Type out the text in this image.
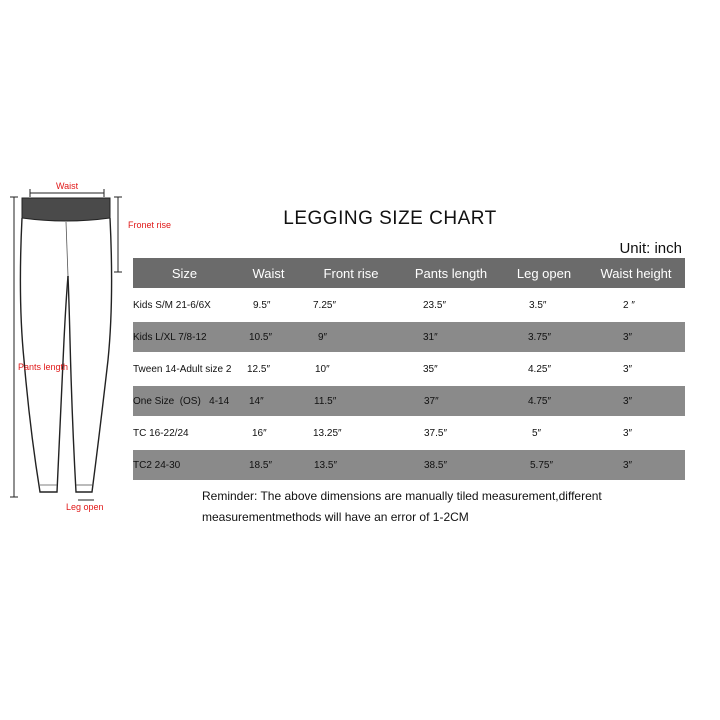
Waist
Fronet rise
Pants length
Leg open
LEGGING SIZE CHART
Unit: inch
Size	Waist	Front rise	Pants length	Leg open	Waist height
Kids S/M 21-6/6X	9.5″	7.25″	23.5″	3.5″	2 ″
Kids L/XL 7/8-12	10.5″	9″	31″	3.75″	3″
Tween 14-Adult size 2	12.5″	10″	35″	4.25″	3″
One Size  (OS)   4-14	14″	11.5″	37″	4.75″	3″
TC 16-22/24	16″	13.25″	37.5″	5″	3″
TC2 24-30	18.5″	13.5″	38.5″	5.75″	3″
Reminder: The above dimensions are manually tiled measurement,different
measurementmethods will have an error of 1-2CM
